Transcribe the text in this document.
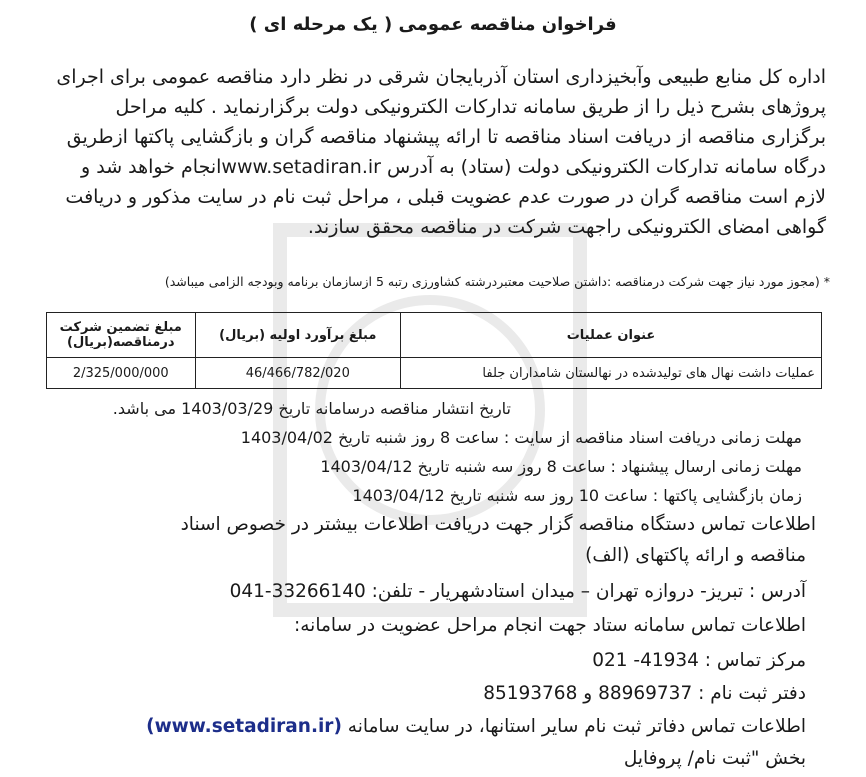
فراخوان مناقصه عمومی ( یک مرحله ای )
اداره کل منابع طبیعی وآبخیزداری استان آذربایجان شرقی در نظر دارد مناقصه عمومی برای اجرای
پروژهای بشرح ذیل را از طریق سامانه تدارکات الکترونیکی دولت برگزارنماید . کلیه مراحل
برگزاری مناقصه از دریافت اسناد مناقصه تا ارائه پیشنهاد مناقصه گران و بازگشایی پاکتها ازطریق
درگاه سامانه تدارکات الکترونیکی دولت (ستاد) به آدرس www.setadiran.irانجام خواهد شد و
لازم است مناقصه گران در صورت عدم عضویت قبلی ، مراحل ثبت نام در سایت مذکور و دریافت
گواهی امضای الکترونیکی راجهت شرکت در مناقصه محقق سازند.
* (مجوز مورد نیاز جهت شرکت درمناقصه :داشتن صلاحیت معتبردرشته کشاورزی رتبه 5 ازسازمان برنامه وبودجه الزامی میباشد)
عنوان عملیات	مبلغ برآورد اولیه (بریال)	مبلغ تضمین شرکت درمناقصه(بریال)
عملیات داشت نهال های تولیدشده در نهالستان شامداران جلفا	46/466/782/020	2/325/000/000
تاریخ انتشار مناقصه درسامانه تاریخ 1403/03/29 می باشد.
مهلت زمانی دریافت اسناد مناقصه از سایت : ساعت 8 روز شنبه تاریخ 1403/04/02
مهلت زمانی ارسال پیشنهاد : ساعت 8 روز سه شنبه تاریخ 1403/04/12
زمان بازگشایی پاکتها : ساعت 10 روز سه شنبه تاریخ 1403/04/12
اطلاعات تماس دستگاه مناقصه گزار جهت دریافت اطلاعات بیشتر در خصوص اسناد
مناقصه و ارائه پاکتهای (الف)
آدرس : تبریز- دروازه تهران – میدان استادشهریار - تلفن: 33266140-041
اطلاعات تماس سامانه ستاد جهت انجام مراحل عضویت در سامانه:
مرکز تماس : 41934- 021
دفتر ثبت نام : 88969737 و 85193768
اطلاعات تماس دفاتر ثبت نام سایر استانها، در سایت سامانه (www.setadiran.ir)
بخش "ثبت نام/ پروفایل
